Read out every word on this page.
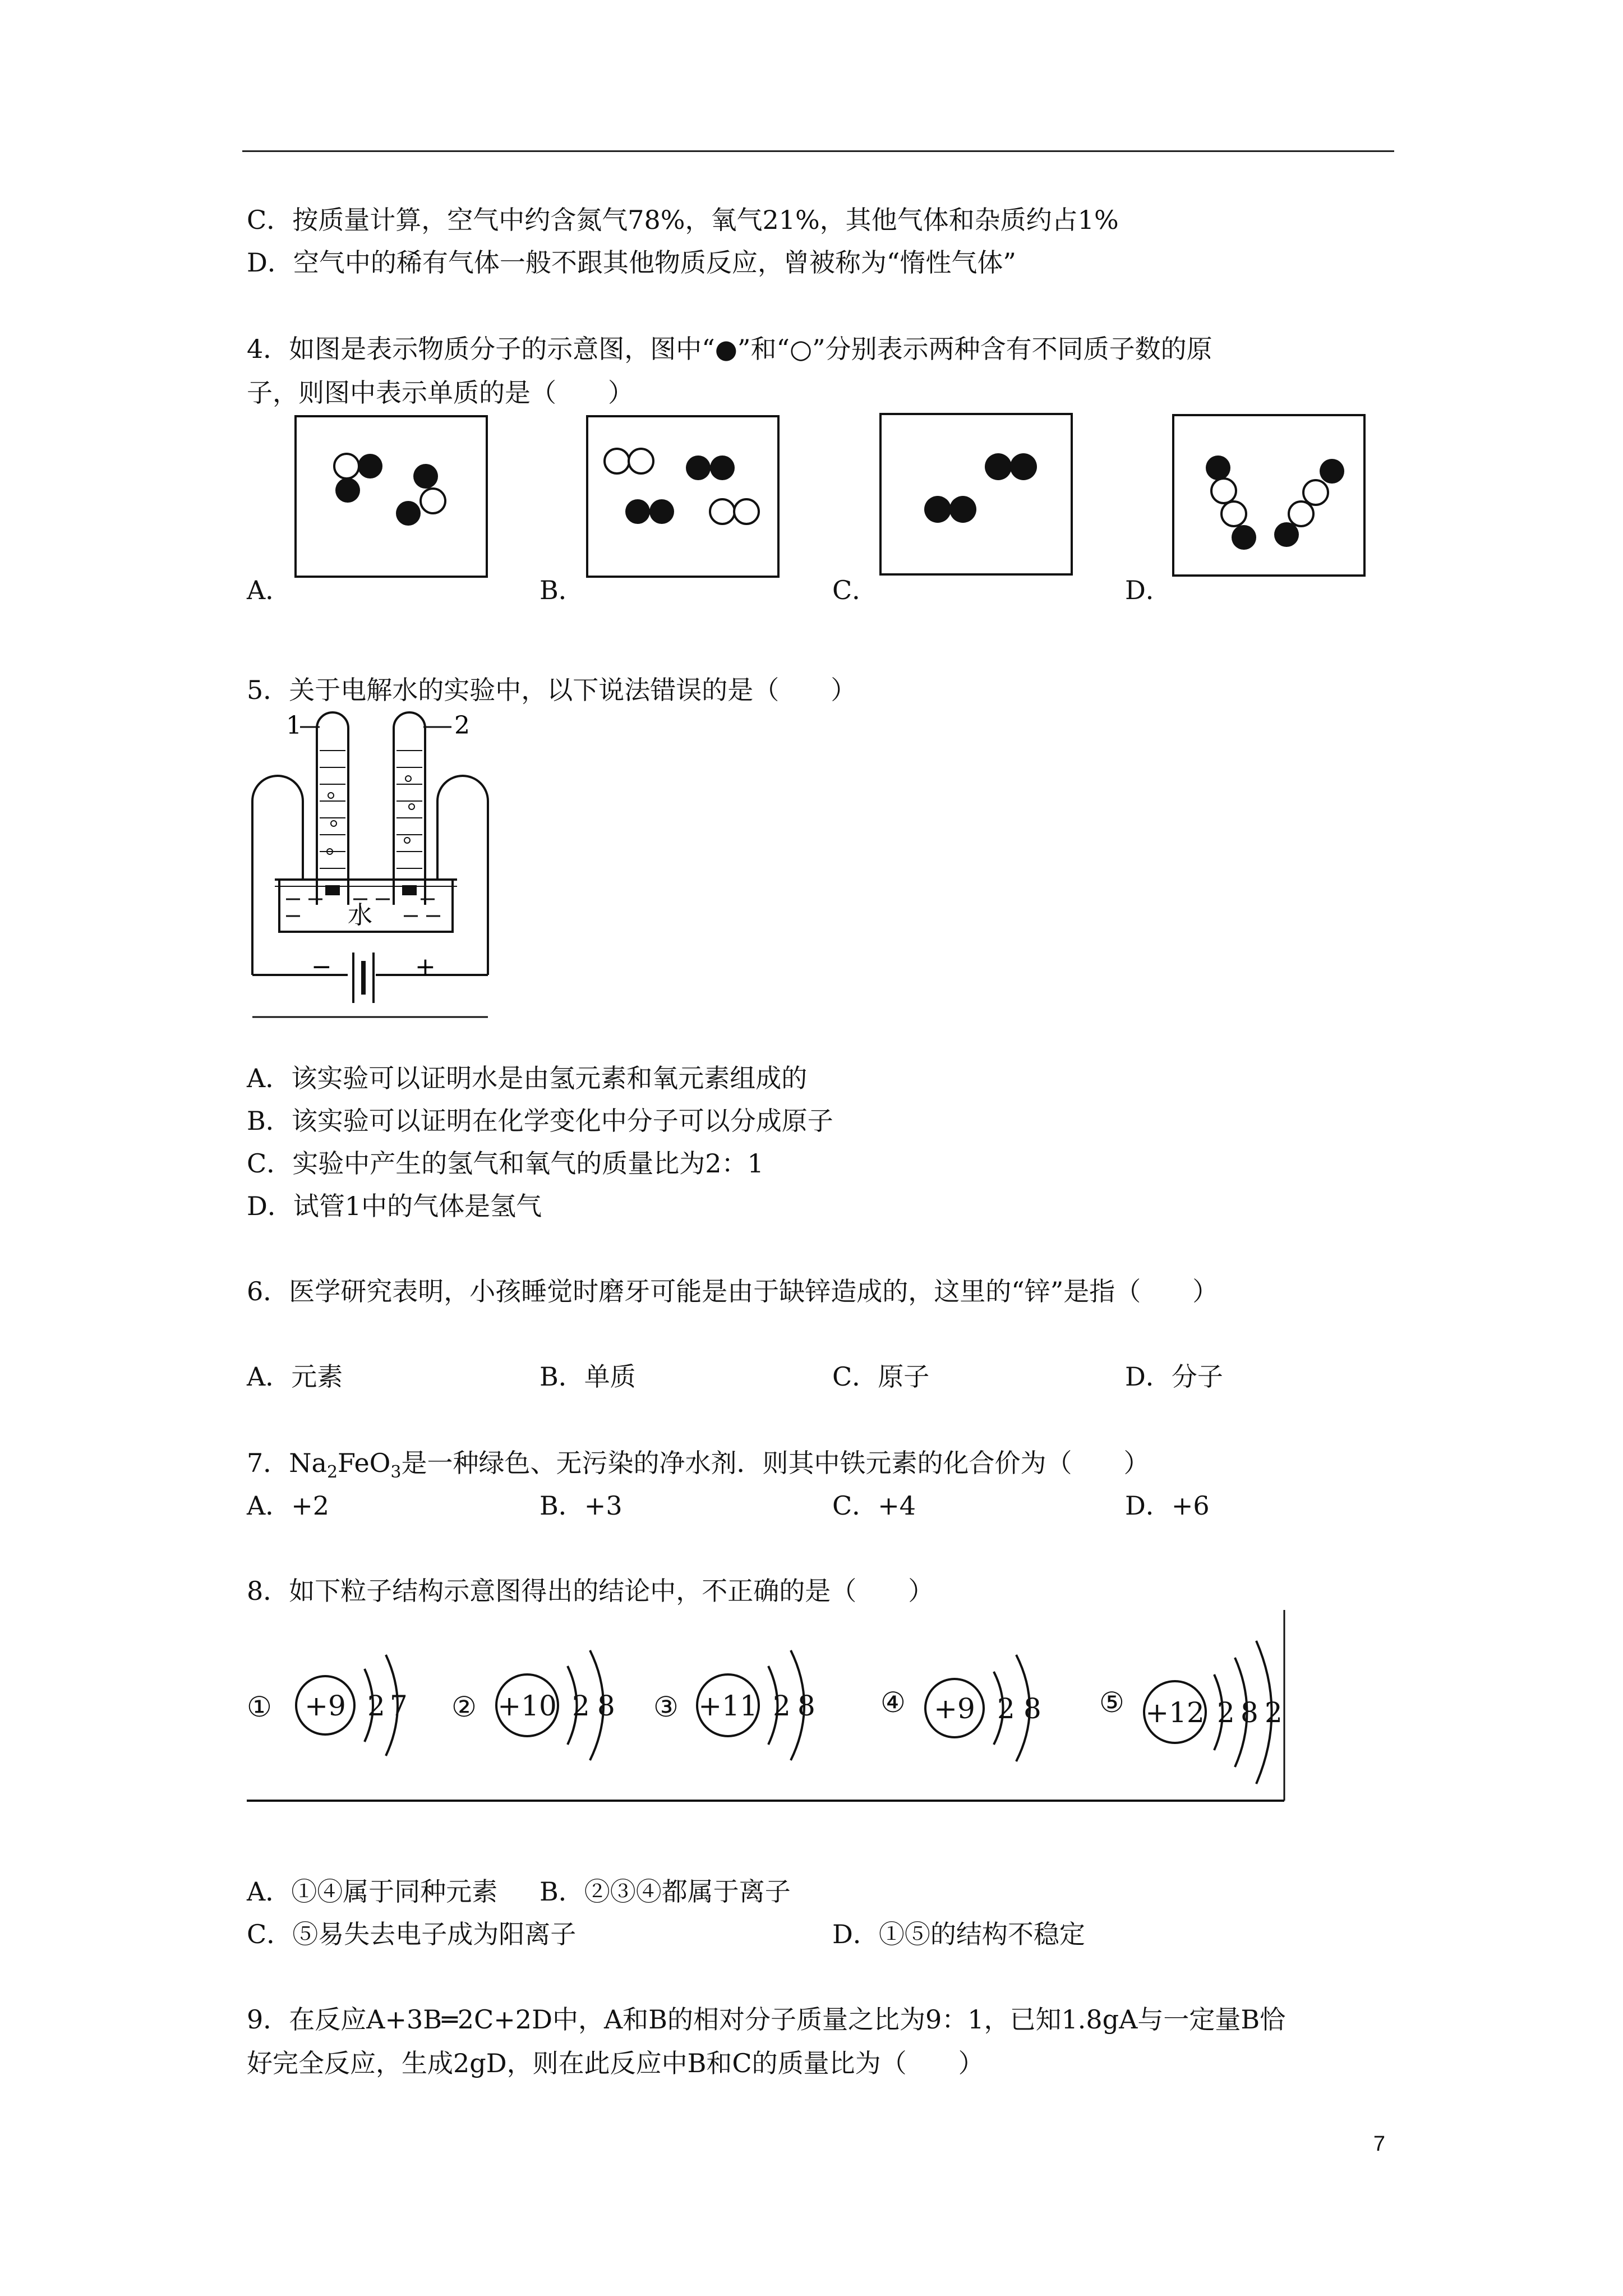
C．按质量计算，空气中约含氮气78%，氧气21%，其他气体和杂质约占1%
D．空气中的稀有气体一般不跟其他物质反应，曾被称为“惰性气体”
4．如图是表示物质分子的示意图，图中“●”和“○”分别表示两种含有不同质子数的原
子，则图中表示单质的是（　　）
A．	B．	C．	D．
5．关于电解水的实验中，以下说法错误的是（　　）
水
−	+
1	2
A．该实验可以证明水是由氢元素和氧元素组成的
B．该实验可以证明在化学变化中分子可以分成原子
C．实验中产生的氢气和氧气的质量比为2：1
D．试管1中的气体是氢气
6．医学研究表明，小孩睡觉时磨牙可能是由于缺锌造成的，这里的“锌”是指（　　）
A．元素	B．单质	C．原子	D．分子
7．$Na_2FeO_3$是一种绿色、无污染的净水剂．则其中铁元素的化合价为（　　）
A．+2	B．+3	C．+4	D．+6
8．如下粒子结构示意图得出的结论中，不正确的是（　　）
① +9 2 7 ② +10 2 8 ③ +11 2 8 ④ +9 2 8 ⑤ +12 2 8 2
A．①④属于同种元素 B．②③④都属于离子
C．⑤易失去电子成为阳离子	D．①⑤的结构不稳定
9．在反应A+3B═2C+2D中，A和B的相对分子质量之比为9：1，已知1.8gA与一定量B恰
好完全反应，生成2gD，则在此反应中B和C的质量比为（　　）
7
